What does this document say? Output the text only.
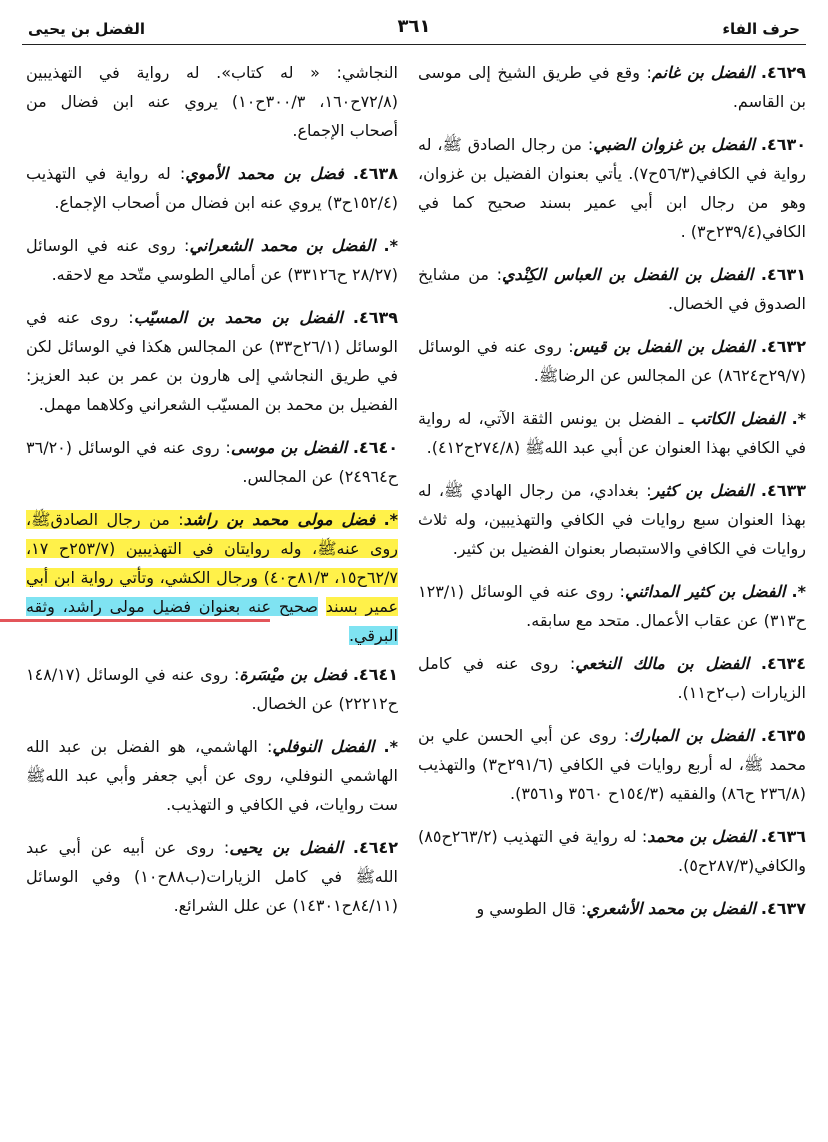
حرف الفاء
٣٦١
الفضل بن يحيى

٤٦٢٩. الفضل بن غانم: وقع في طريق الشيخ إلى موسى بن القاسم.

٤٦٣٠. الفضل بن غزوان الضبي: من رجال الصادق ﷺ، له رواية في الكافي(٥٦/٣ح٧). يأتي بعنوان الفضيل بن غزوان، وهو من رجال ابن أبي عمير بسند صحيح كما في الكافي(٢٣٩/٤ح٣) .

٤٦٣١. الفضل بن الفضل بن العباس الكِنْدي: من مشايخ الصدوق في الخصال.

٤٦٣٢. الفضل بن الفضل بن قيس: روى عنه في الوسائل (٢٩/٧ح٨٦٢٤) عن المجالس عن الرضاﷺ.

*. الفضل الكاتب ـ الفضل بن يونس الثقة الآتي، له رواية في الكافي بهذا العنوان عن أبي عبد اللهﷺ (٢٧٤/٨ح٤١٢).

٤٦٣٣. الفضل بن كثير: بغدادي، من رجال الهادي ﷺ، له بهذا العنوان سبع روايات في الكافي والتهذيبين، وله ثلاث روايات في الكافي والاستبصار بعنوان الفضيل بن كثير.

*. الفضل بن كثير المدائني: روى عنه في الوسائل (١٢٣/١ ح٣١٣) عن عقاب الأعمال. متحد مع سابقه.

٤٦٣٤. الفضل بن مالك النخعي: روى عنه في كامل الزيارات (ب٢ح١١).

٤٦٣٥. الفضل بن المبارك: روى عن أبي الحسن علي بن محمد ﷺ، له أربع روايات في الكافي (٢٩١/٦ح٣) والتهذيب (٢٣٦/٨ ح٨٦) والفقيه (١٥٤/٣ح ٣٥٦٠ و٣٥٦١).

٤٦٣٦. الفضل بن محمد: له رواية في التهذيب (٢٦٣/٢ح٨٥) والكافي(٢٨٧/٣ح٥).

٤٦٣٧. الفضل بن محمد الأشعري: قال الطوسي و

النجاشي: « له كتاب». له رواية في التهذيبين (٧٢/٨ح١٦٠، ٣٠٠/٣ح١٠) يروي عنه ابن فضال من أصحاب الإجماع.

٤٦٣٨. فضل بن محمد الأموي: له رواية في التهذيب (١٥٢/٤ح٣) يروي عنه ابن فضال من أصحاب الإجماع.

*. الفضل بن محمد الشعراني: روى عنه في الوسائل (٢٨/٢٧ ح٣٣١٢٦) عن أمالي الطوسي متّحد مع لاحقه.

٤٦٣٩. الفضل بن محمد بن المسيّب: روى عنه في الوسائل (٢٦/١ح٣٣) عن المجالس هكذا في الوسائل لكن في طريق النجاشي إلى هارون بن عمر بن عبد العزيز: الفضيل بن محمد بن المسيّب الشعراني وكلاهما مهمل.

٤٦٤٠. الفضل بن موسى: روى عنه في الوسائل (٣٦/٢٠ ح٢٤٩٦٤) عن المجالس.

*. فضل مولى محمد بن راشد: من رجال الصادقﷺ، روى عنهﷺ، وله روايتان في التهذيبين (٢٥٣/٧ح ١٧، ٦٢/٧ح١٥، ٨١/٣ح٤٠) ورجال الكشي، وتأتي رواية ابن أبي عمير بسند صحيح عنه بعنوان فضيل مولى راشد، وثقه البرقي.

٤٦٤١. فضل بن ميْسَرة: روى عنه في الوسائل (١٤٨/١٧ ح٢٢٢١٢) عن الخصال.

*. الفضل النوفلي: الهاشمي، هو الفضل بن عبد الله الهاشمي النوفلي، روى عن أبي جعفر وأبي عبد اللهﷺ ست روايات، في الكافي و التهذيب.

٤٦٤٢. الفضل بن يحيى: روى عن أبيه عن أبي عبد اللهﷺ في كامل الزيارات(ب٨٨ح١٠) وفي الوسائل (٨٤/١١ح١٤٣٠١) عن علل الشرائع.
